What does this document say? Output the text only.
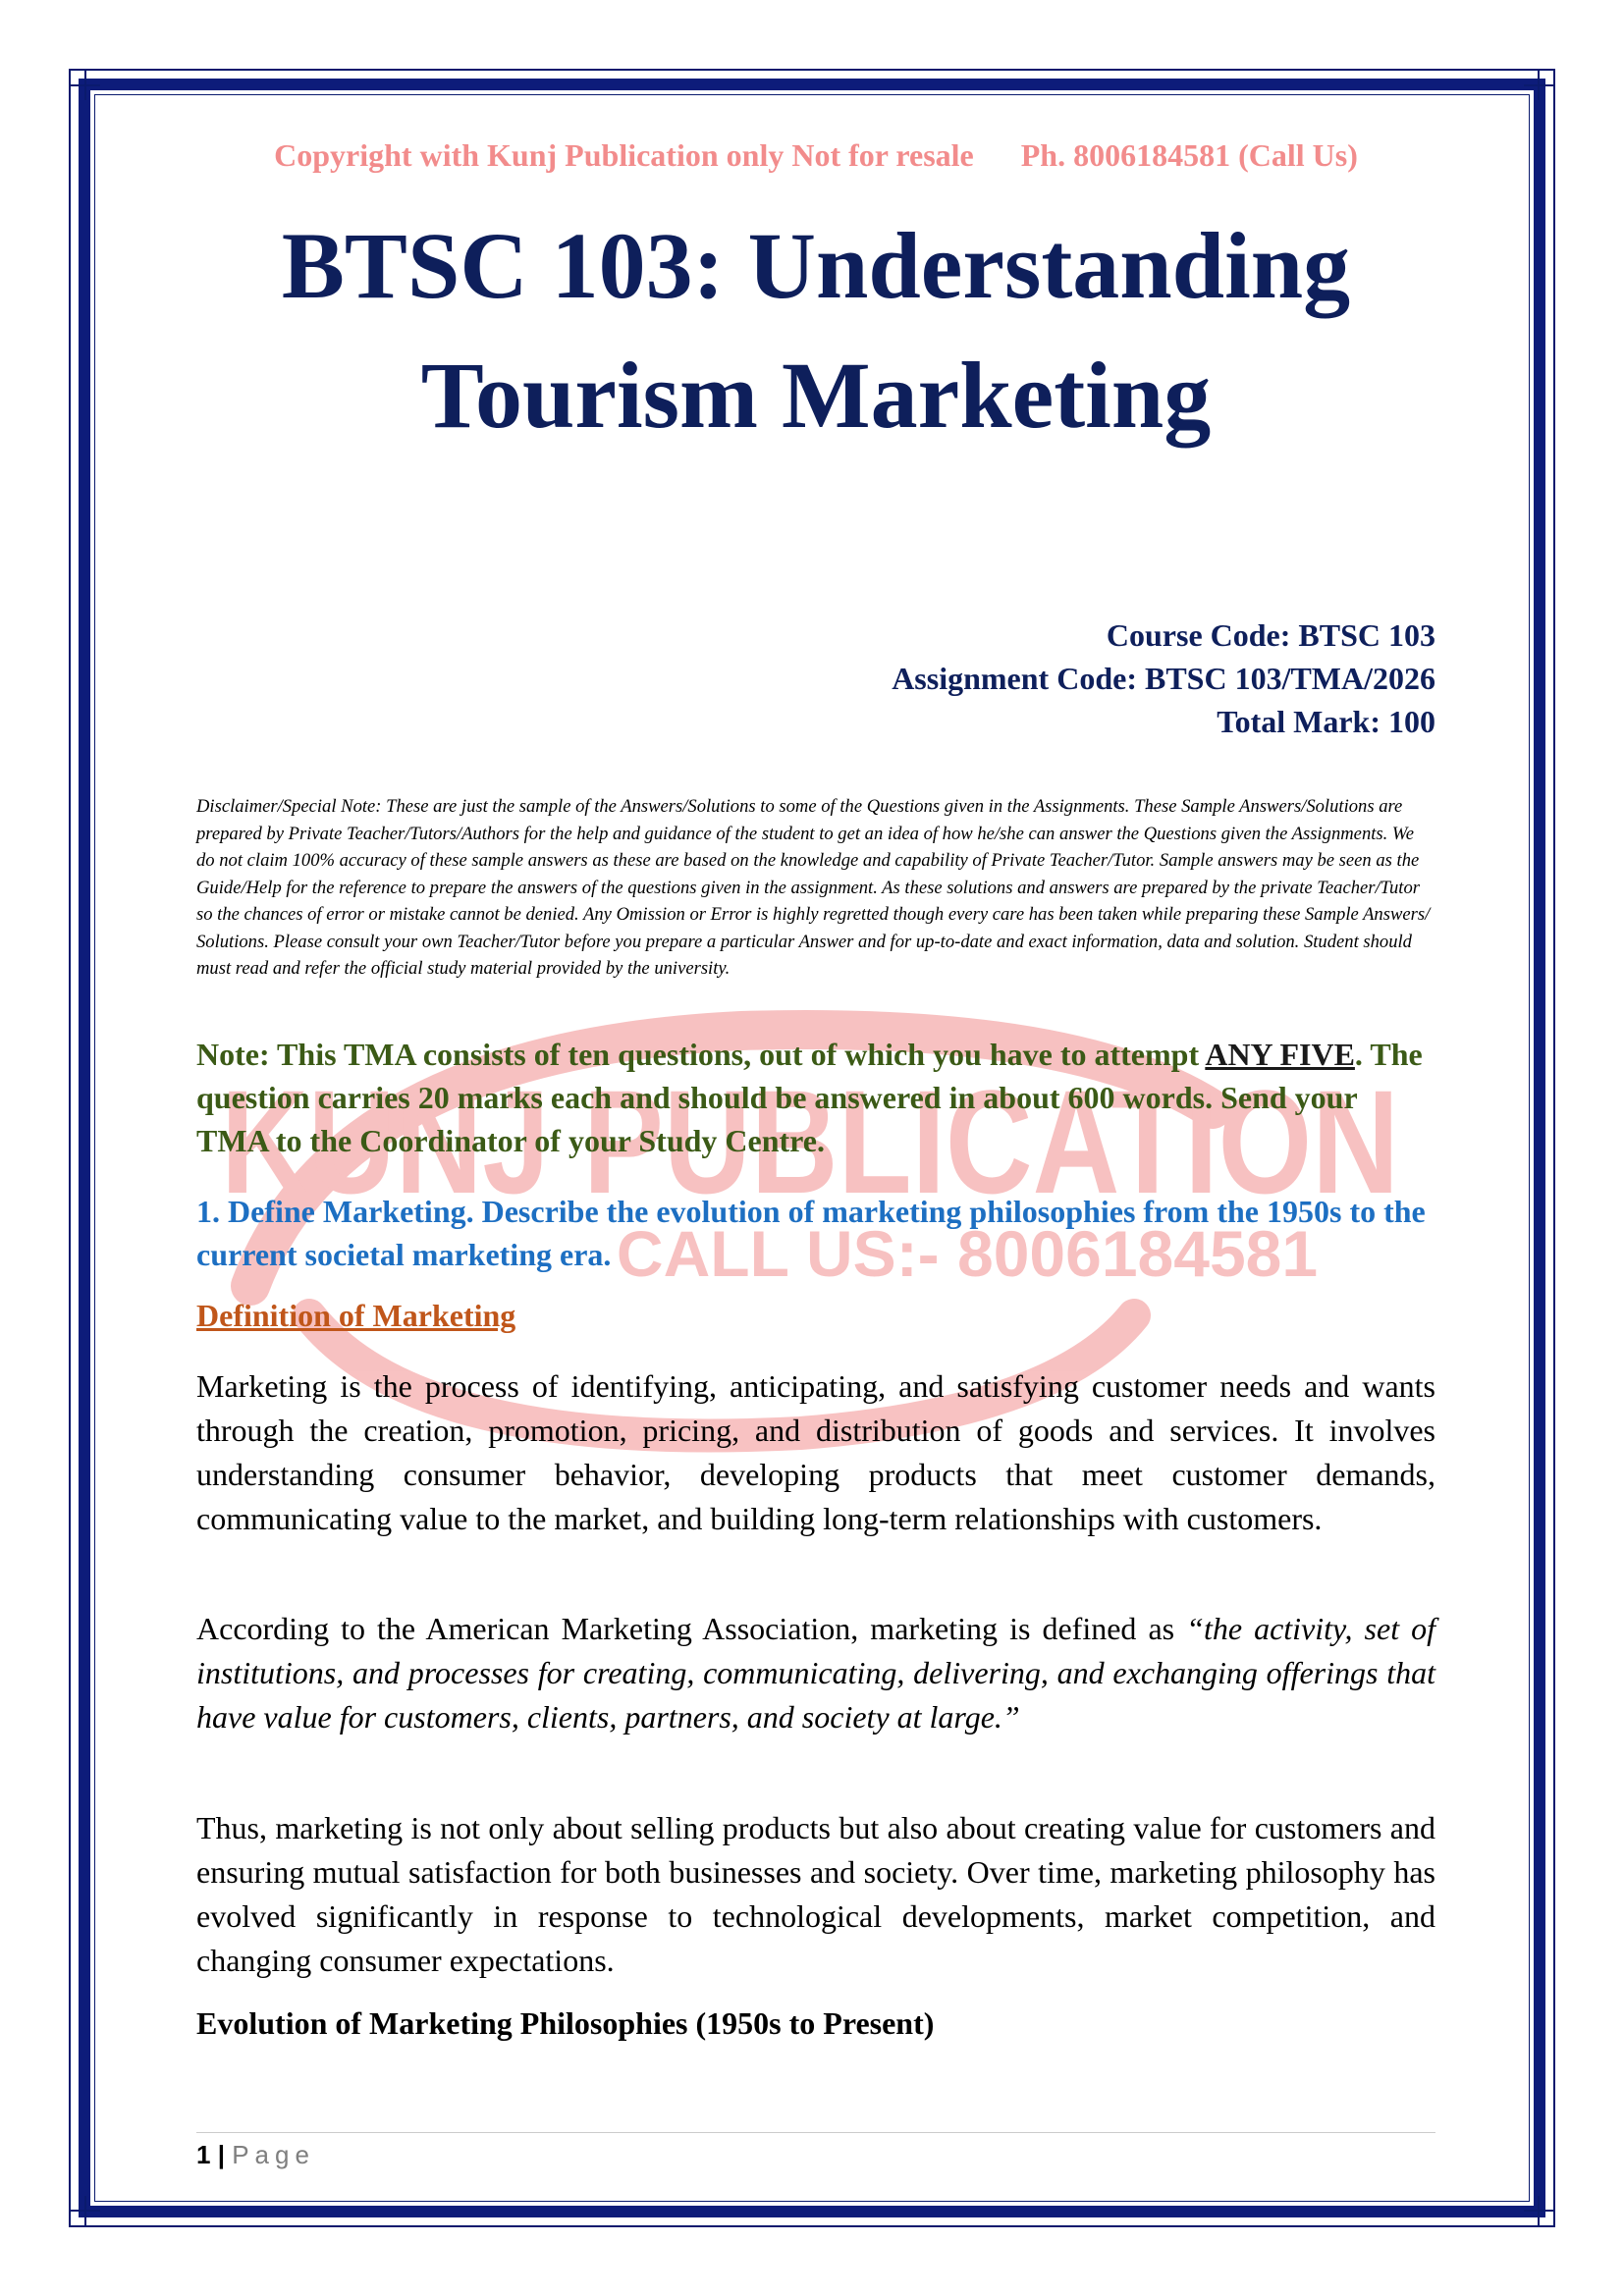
KUNJ PUBLICATION
CALL US:- 8006184581
Copyright with Kunj Publication only Not for resale Ph. 8006184581 (Call Us)
BTSC 103: Understanding
Tourism Marketing
Course Code: BTSC 103
Assignment Code: BTSC 103/TMA/2026
Total Mark: 100
Disclaimer/Special Note: These are just the sample of the Answers/Solutions to some of the Questions given in the Assignments. These Sample Answers/Solutions are prepared by Private Teacher/Tutors/Authors for the help and guidance of the student to get an idea of how he/she can answer the Questions given the Assignments. We do not claim 100% accuracy of these sample answers as these are based on the knowledge and capability of Private Teacher/Tutor. Sample answers may be seen as the Guide/Help for the reference to prepare the answers of the questions given in the assignment. As these solutions and answers are prepared by the private Teacher/Tutor so the chances of error or mistake cannot be denied. Any Omission or Error is highly regretted though every care has been taken while preparing these Sample Answers/ Solutions. Please consult your own Teacher/Tutor before you prepare a particular Answer and for up-to-date and exact information, data and solution. Student should must read and refer the official study material provided by the university.
Note: This TMA consists of ten questions, out of which you have to attempt ANY FIVE. The question carries 20 marks each and should be answered in about 600 words. Send your TMA to the Coordinator of your Study Centre.
1. Define Marketing. Describe the evolution of marketing philosophies from the 1950s to the current societal marketing era.
Definition of Marketing
Marketing is the process of identifying, anticipating, and satisfying customer needs and wants through the creation, promotion, pricing, and distribution of goods and services. It involves understanding consumer behavior, developing products that meet customer demands, communicating value to the market, and building long-term relationships with customers.
According to the American Marketing Association, marketing is defined as “the activity, set of institutions, and processes for creating, communicating, delivering, and exchanging offerings that have value for customers, clients, partners, and society at large.”
Thus, marketing is not only about selling products but also about creating value for customers and ensuring mutual satisfaction for both businesses and society. Over time, marketing philosophy has evolved significantly in response to technological developments, market competition, and changing consumer expectations.
Evolution of Marketing Philosophies (1950s to Present)
1 | Page
